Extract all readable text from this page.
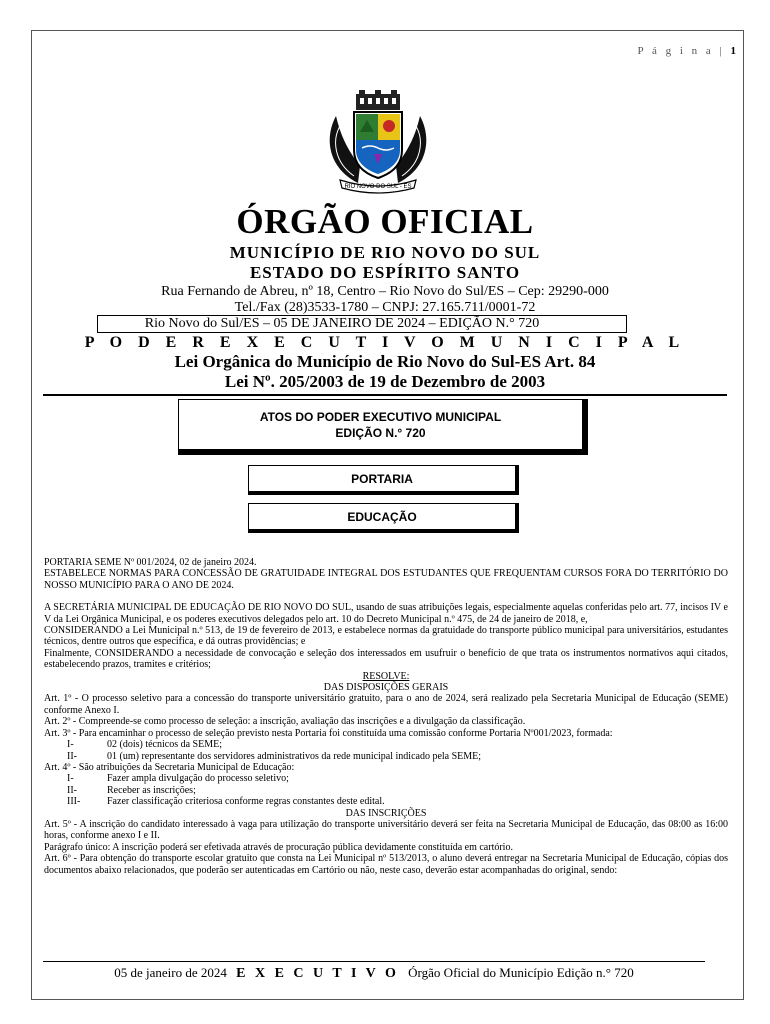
P á g i n a | 1
RIO NOVO DO SUL - ES
ÓRGÃO OFICIAL
MUNICÍPIO DE RIO NOVO DO SUL
ESTADO DO ESPÍRITO SANTO
Rua Fernando de Abreu, nº 18, Centro – Rio Novo do Sul/ES – Cep: 29290-000
Tel./Fax (28)3533-1780 – CNPJ: 27.165.711/0001-72
Rio Novo do Sul/ES – 05 DE JANEIRO DE 2024 – EDIÇÃO N.° 720
P O D E R E X E C U T I V O M U N I C I P A L
Lei Orgânica do Município de Rio Novo do Sul-ES Art. 84
Lei Nº. 205/2003 de 19 de Dezembro de 2003
ATOS DO PODER EXECUTIVO MUNICIPAL
EDIÇÃO N.° 720
PORTARIA
EDUCAÇÃO

PORTARIA SEME Nº 001/2024, 02 de janeiro 2024.

ESTABELECE NORMAS PARA CONCESSÃO DE GRATUIDADE INTEGRAL DOS ESTUDANTES QUE FREQUENTAM CURSOS FORA DO TERRITÓRIO DO NOSSO MUNICÍPIO PARA O ANO DE 2024.

A SECRETÁRIA MUNICIPAL DE EDUCAÇÃO DE RIO NOVO DO SUL, usando de suas atribuições legais, especialmente aquelas conferidas pelo art. 77, incisos IV e V da Lei Orgânica Municipal, e os poderes executivos delegados pelo art. 10 do Decreto Municipal n.º 475, de 24 de janeiro de 2018, e,

CONSIDERANDO a Lei Municipal n.º 513, de 19 de fevereiro de 2013, e estabelece normas da gratuidade do transporte público municipal para universitários, estudantes técnicos, dentre outros que especifica, e dá outras providências; e

Finalmente, CONSIDERANDO a necessidade de convocação e seleção dos interessados em usufruir o benefício de que trata os instrumentos normativos aqui citados, estabelecendo prazos, tramites e critérios;

RESOLVE:

DAS DISPOSIÇÕES GERAIS

Art. 1º - O processo seletivo para a concessão do transporte universitário gratuito, para o ano de 2024, será realizado pela Secretaria Municipal de Educação (SEME) conforme Anexo I.

Art. 2º - Compreende-se como processo de seleção: a inscrição, avaliação das inscrições e a divulgação da classificação.

Art. 3º - Para encaminhar o processo de seleção previsto nesta Portaria foi constituída uma comissão conforme Portaria Nº001/2023, formada:

I-	02 (dois) técnicos da SEME;
II-	01 (um) representante dos servidores administrativos da rede municipal indicado pela SEME;

Art. 4º - São atribuições da Secretaria Municipal de Educação:

I-	Fazer ampla divulgação do processo seletivo;
II-	Receber as inscrições;
III-	Fazer classificação criteriosa conforme regras constantes deste edital.

DAS INSCRIÇÕES

Art. 5º - A inscrição do candidato interessado à vaga para utilização do transporte universitário deverá ser feita na Secretaria Municipal de Educação, das 08:00 as 16:00 horas, conforme anexo I e II.

Parágrafo único: A inscrição poderá ser efetivada através de procuração pública devidamente constituída em cartório.

Art. 6º - Para obtenção do transporte escolar gratuito que consta na Lei Municipal nº 513/2013, o aluno deverá entregar na Secretaria Municipal de Educação, cópias dos documentos abaixo relacionados, que poderão ser autenticadas em Cartório ou não, neste caso, deverão estar acompanhadas do original, sendo:

05 de janeiro de 2024 E X E C U T I V O Órgão Oficial do Município Edição n.° 720
